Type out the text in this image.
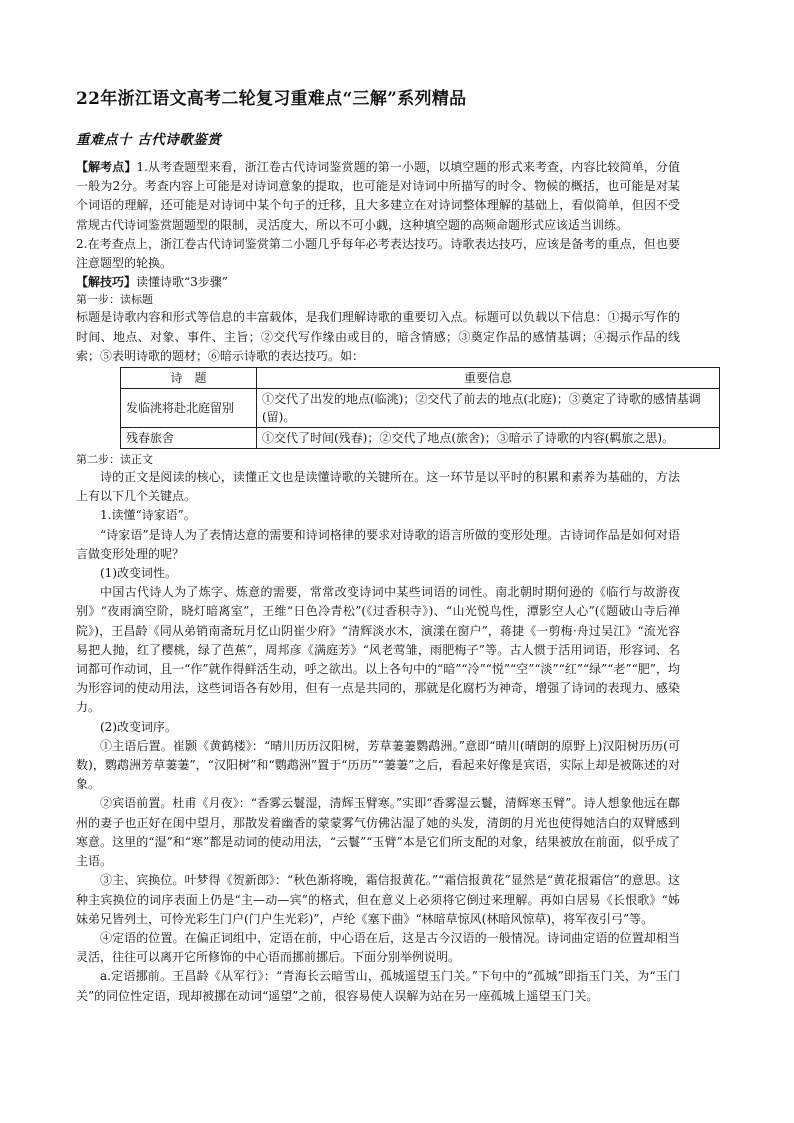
22年浙江语文高考二轮复习重难点“三解”系列精品
重难点十 古代诗歌鉴赏

【解考点】1.从考查题型来看，浙江卷古代诗词鉴赏题的第一小题，以填空题的形式来考查，内容比较简单，分值一般为2分。考查内容上可能是对诗词意象的提取，也可能是对诗词中所描写的时令、物候的概括，也可能是对某个词语的理解，还可能是对诗词中某个句子的迁移，且大多建立在对诗词整体理解的基础上，看似简单，但因不受常规古代诗词鉴赏题题型的限制，灵活度大，所以不可小觑，这种填空题的高频命题形式应该适当训练。

2.在考查点上，浙江卷古代诗词鉴赏第二小题几乎每年必考表达技巧。诗歌表达技巧，应该是备考的重点，但也要注意题型的轮换。

【解技巧】读懂诗歌“3步骤”

第一步：读标题

标题是诗歌内容和形式等信息的丰富载体，是我们理解诗歌的重要切入点。标题可以负载以下信息：①揭示写作的时间、地点、对象、事件、主旨；②交代写作缘由或目的，暗含情感；③奠定作品的感情基调；④揭示作品的线索；⑤表明诗歌的题材；⑥暗示诗歌的表达技巧。如：

诗　题	重要信息
发临洮将赴北庭留别	①交代了出发的地点(临洮)；②交代了前去的地点(北庭)；③奠定了诗歌的感情基调(留)。
残春旅舍	①交代了时间(残春)；②交代了地点(旅舍)；③暗示了诗歌的内容(羁旅之思)。

第二步：读正文

诗的正文是阅读的核心，读懂正文也是读懂诗歌的关键所在。这一环节是以平时的积累和素养为基础的，方法上有以下几个关键点。

1.读懂“诗家语”。

“诗家语”是诗人为了表情达意的需要和诗词格律的要求对诗歌的语言所做的变形处理。古诗词作品是如何对语言做变形处理的呢？

(1)改变词性。

中国古代诗人为了炼字、炼意的需要，常常改变诗词中某些词语的词性。南北朝时期何逊的《临行与故游夜别》“夜雨滴空阶，晓灯暗离室”，王维“日色冷青松”(《过香积寺》)、“山光悦鸟性，潭影空人心”(《题破山寺后禅院》)，王昌龄《同从弟销南斋玩月忆山阴崔少府》“清辉淡水木，演漾在窗户”，蒋捷《一剪梅·舟过吴江》“流光容易把人抛，红了樱桃，绿了芭蕉”，周邦彦《满庭芳》“风老莺雏，雨肥梅子”等。古人惯于活用词语，形容词、名词都可作动词，且一“作”就作得鲜活生动，呼之欲出。以上各句中的“暗”“冷”“悦”“空”“淡”“红”“绿”“老”“肥”，均为形容词的使动用法，这些词语各有妙用，但有一点是共同的，那就是化腐朽为神奇，增强了诗词的表现力、感染力。

(2)改变词序。

①主语后置。崔颢《黄鹤楼》：“晴川历历汉阳树，芳草萋萋鹦鹉洲。”意即“晴川(晴朗的原野上)汉阳树历历(可数)，鹦鹉洲芳草萋萋”，“汉阳树”和“鹦鹉洲”置于“历历”“萋萋”之后，看起来好像是宾语，实际上却是被陈述的对象。

②宾语前置。杜甫《月夜》：“香雾云鬟湿，清辉玉臂寒。”实即“香雾湿云鬟，清辉寒玉臂”。诗人想象他远在鄜州的妻子也正好在闺中望月，那散发着幽香的蒙蒙雾气仿佛沾湿了她的头发，清朗的月光也使得她洁白的双臂感到寒意。这里的“湿”和“寒”都是动词的使动用法，“云鬟”“玉臂”本是它们所支配的对象，结果被放在前面，似乎成了主语。

③主、宾换位。叶梦得《贺新郎》：“秋色渐将晚，霜信报黄花。”“霜信报黄花”显然是“黄花报霜信”的意思。这种主宾换位的词序表面上仍是“主—动—宾”的格式，但在意义上必须将它倒过来理解。再如白居易《长恨歌》“姊妹弟兄皆列土，可怜光彩生门户(门户生光彩)”，卢纶《塞下曲》“林暗草惊风(林暗风惊草)，将军夜引弓”等。

④定语的位置。在偏正词组中，定语在前，中心语在后，这是古今汉语的一般情况。诗词曲定语的位置却相当灵活，往往可以离开它所修饰的中心语而挪前挪后。下面分别举例说明。

a.定语挪前。王昌龄《从军行》：“青海长云暗雪山，孤城遥望玉门关。”下句中的“孤城”即指玉门关，为“玉门关”的同位性定语，现却被挪在动词“遥望”之前，很容易使人误解为站在另一座孤城上遥望玉门关。
